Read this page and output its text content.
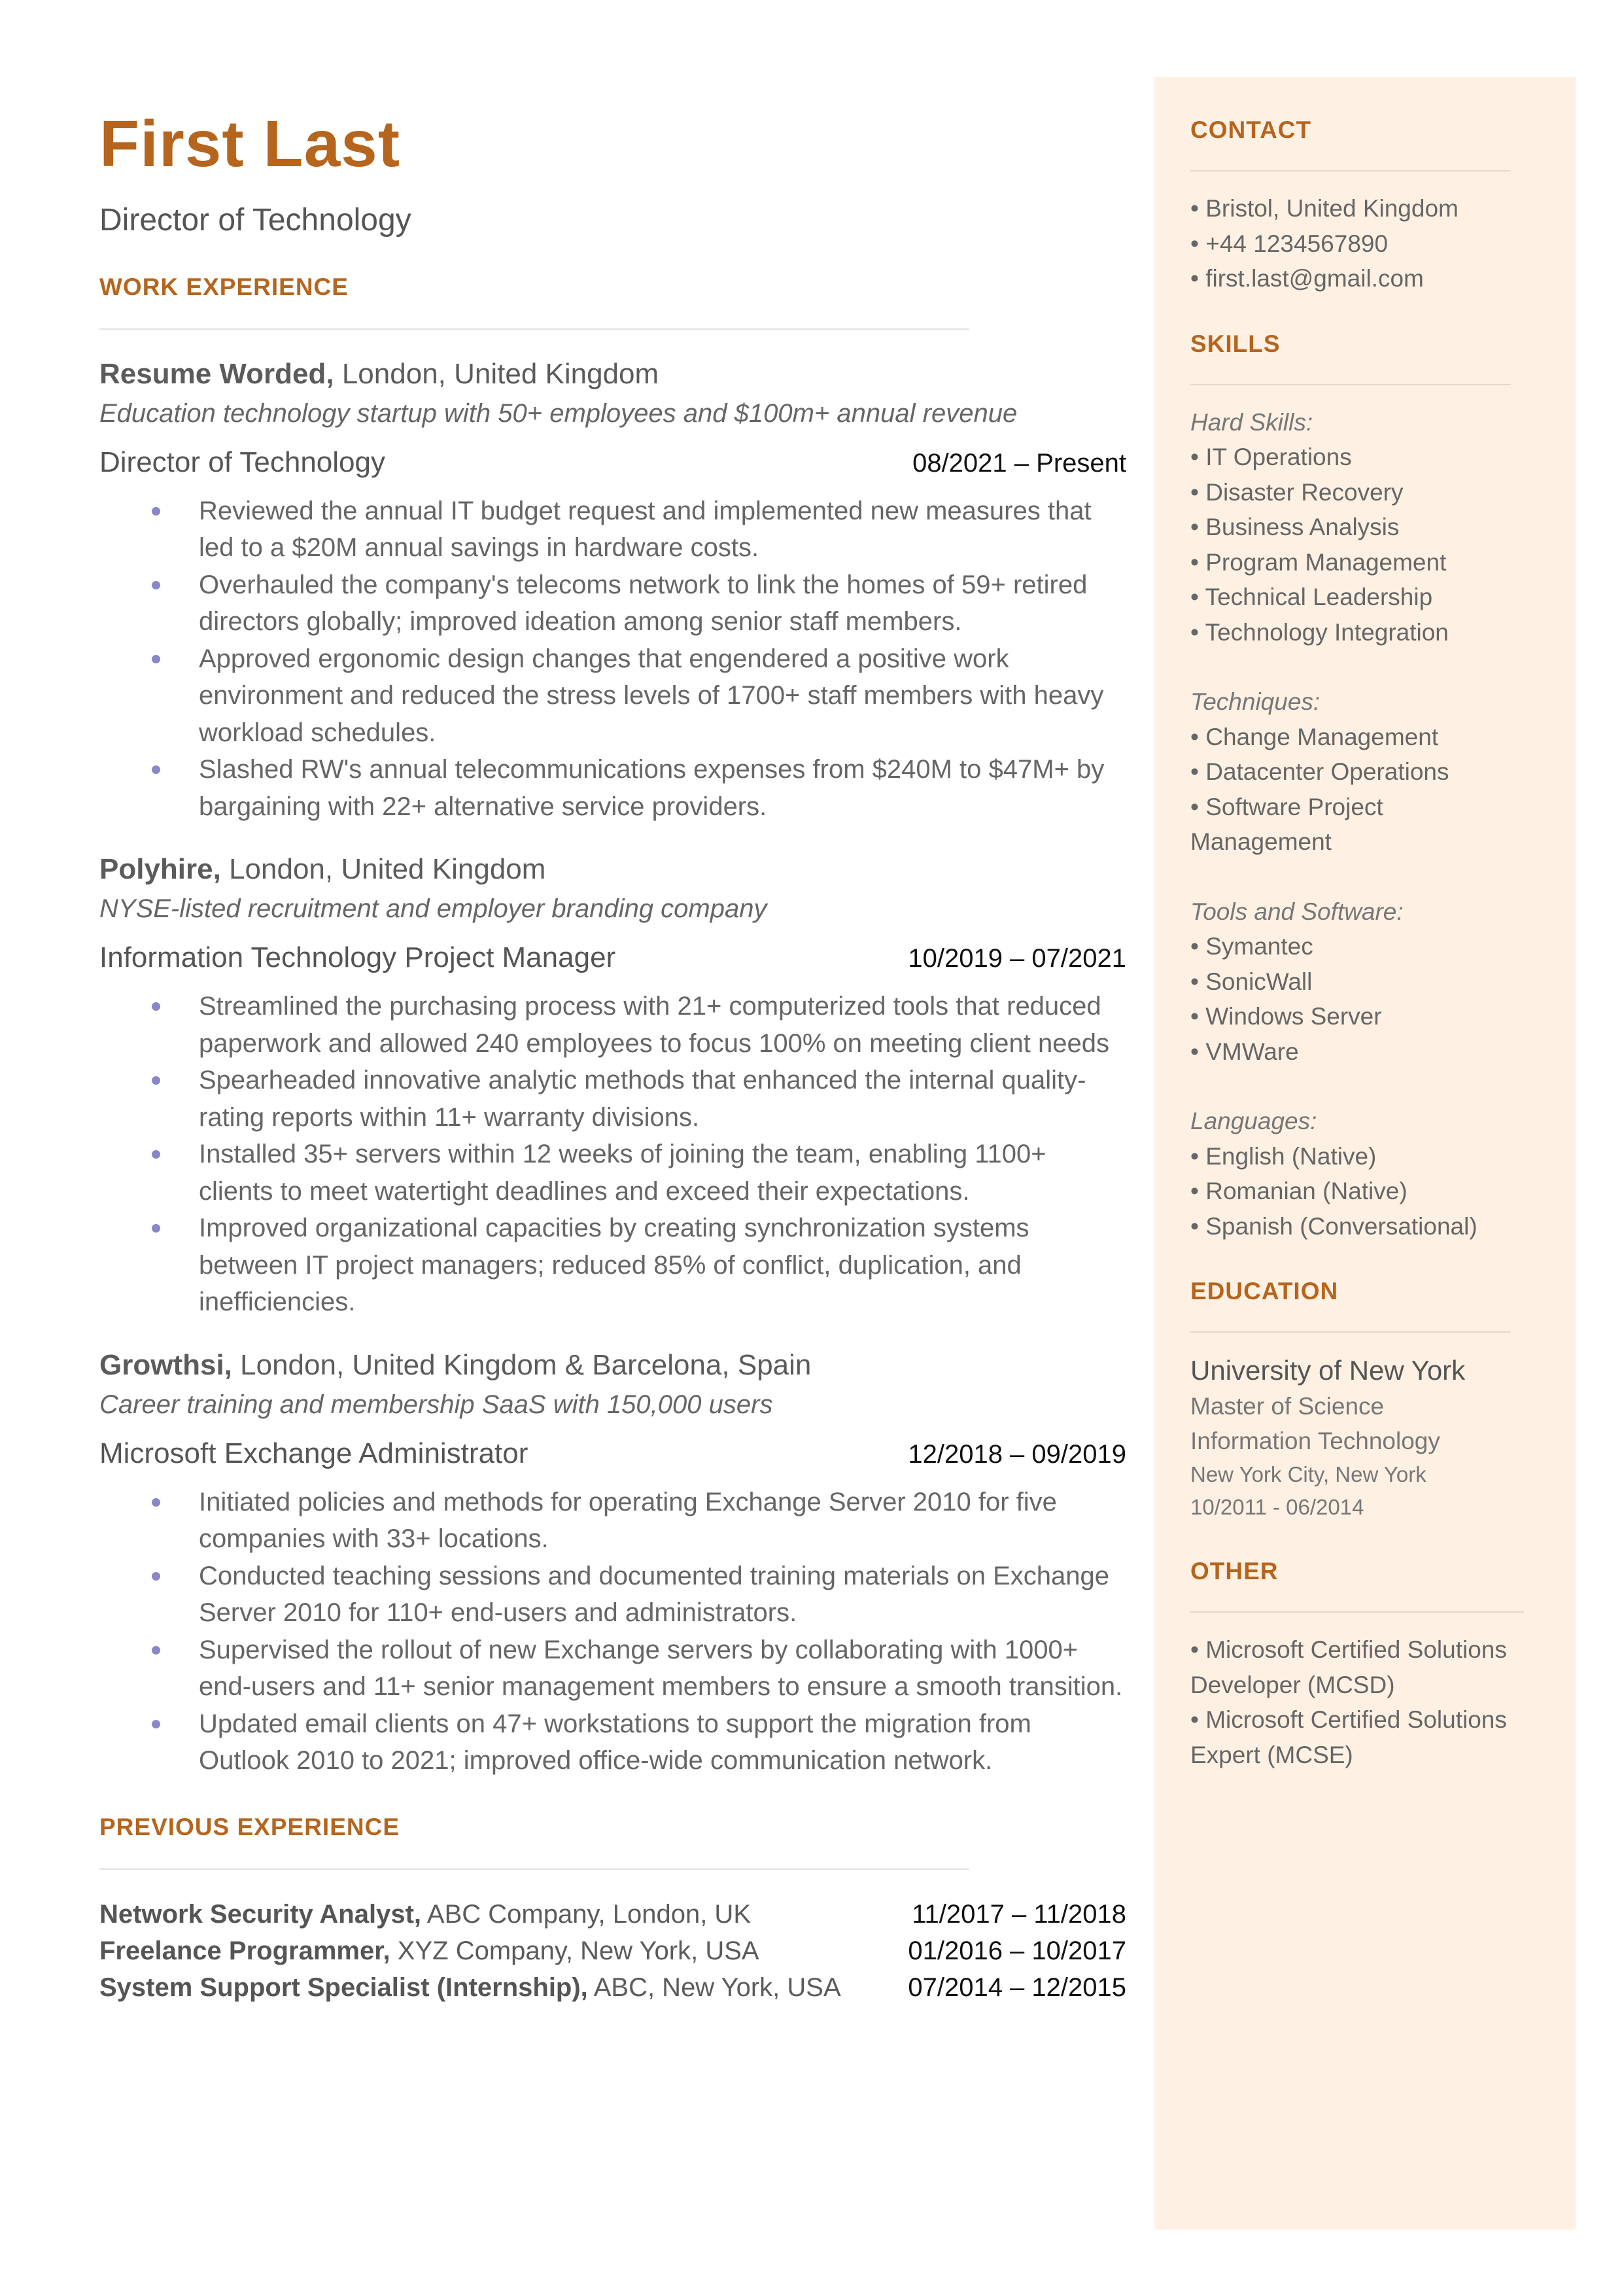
First Last
Director of Technology
WORK EXPERIENCE
Resume Worded, London, United Kingdom
Education technology startup with 50+ employees and $100m+ annual revenue
Director of Technology	08/2021 – Present
Reviewed the annual IT budget request and implemented new measures that led to a $20M annual savings in hardware costs.
Overhauled the company's telecoms network to link the homes of 59+ retired directors globally; improved ideation among senior staff members.
Approved ergonomic design changes that engendered a positive work environment and reduced the stress levels of 1700+ staff members with heavy workload schedules.
Slashed RW's annual telecommunications expenses from $240M to $47M+ by bargaining with 22+ alternative service providers.
Polyhire, London, United Kingdom
NYSE-listed recruitment and employer branding company
Information Technology Project Manager	10/2019 – 07/2021
Streamlined the purchasing process with 21+ computerized tools that reduced paperwork and allowed 240 employees to focus 100% on meeting client needs
Spearheaded innovative analytic methods that enhanced the internal quality-rating reports within 11+ warranty divisions.
Installed 35+ servers within 12 weeks of joining the team, enabling 1100+ clients to meet watertight deadlines and exceed their expectations.
Improved organizational capacities by creating synchronization systems between IT project managers; reduced 85% of conflict, duplication, and inefficiencies.
Growthsi, London, United Kingdom & Barcelona, Spain
Career training and membership SaaS with 150,000 users
Microsoft Exchange Administrator	12/2018 – 09/2019
Initiated policies and methods for operating Exchange Server 2010 for five companies with 33+ locations.
Conducted teaching sessions and documented training materials on Exchange Server 2010 for 110+ end-users and administrators.
Supervised the rollout of new Exchange servers by collaborating with 1000+ end-users and 11+ senior management members to ensure a smooth transition.
Updated email clients on 47+ workstations to support the migration from Outlook 2010 to 2021; improved office-wide communication network.
PREVIOUS EXPERIENCE
Network Security Analyst, ABC Company, London, UK	11/2017 – 11/2018
Freelance Programmer, XYZ Company, New York, USA	01/2016 – 10/2017
System Support Specialist (Internship), ABC, New York, USA	07/2014 – 12/2015
CONTACT
• Bristol, United Kingdom
• +44 1234567890
• first.last@gmail.com
SKILLS
Hard Skills:
• IT Operations
• Disaster Recovery
• Business Analysis
• Program Management
• Technical Leadership
• Technology Integration
Techniques:
• Change Management
• Datacenter Operations
• Software Project
Management
Tools and Software:
• Symantec
• SonicWall
• Windows Server
• VMWare
Languages:
• English (Native)
• Romanian (Native)
• Spanish (Conversational)
EDUCATION
University of New York
Master of Science
Information Technology
New York City, New York
10/2011 - 06/2014
OTHER
• Microsoft Certified Solutions
Developer (MCSD)
• Microsoft Certified Solutions
Expert (MCSE)
